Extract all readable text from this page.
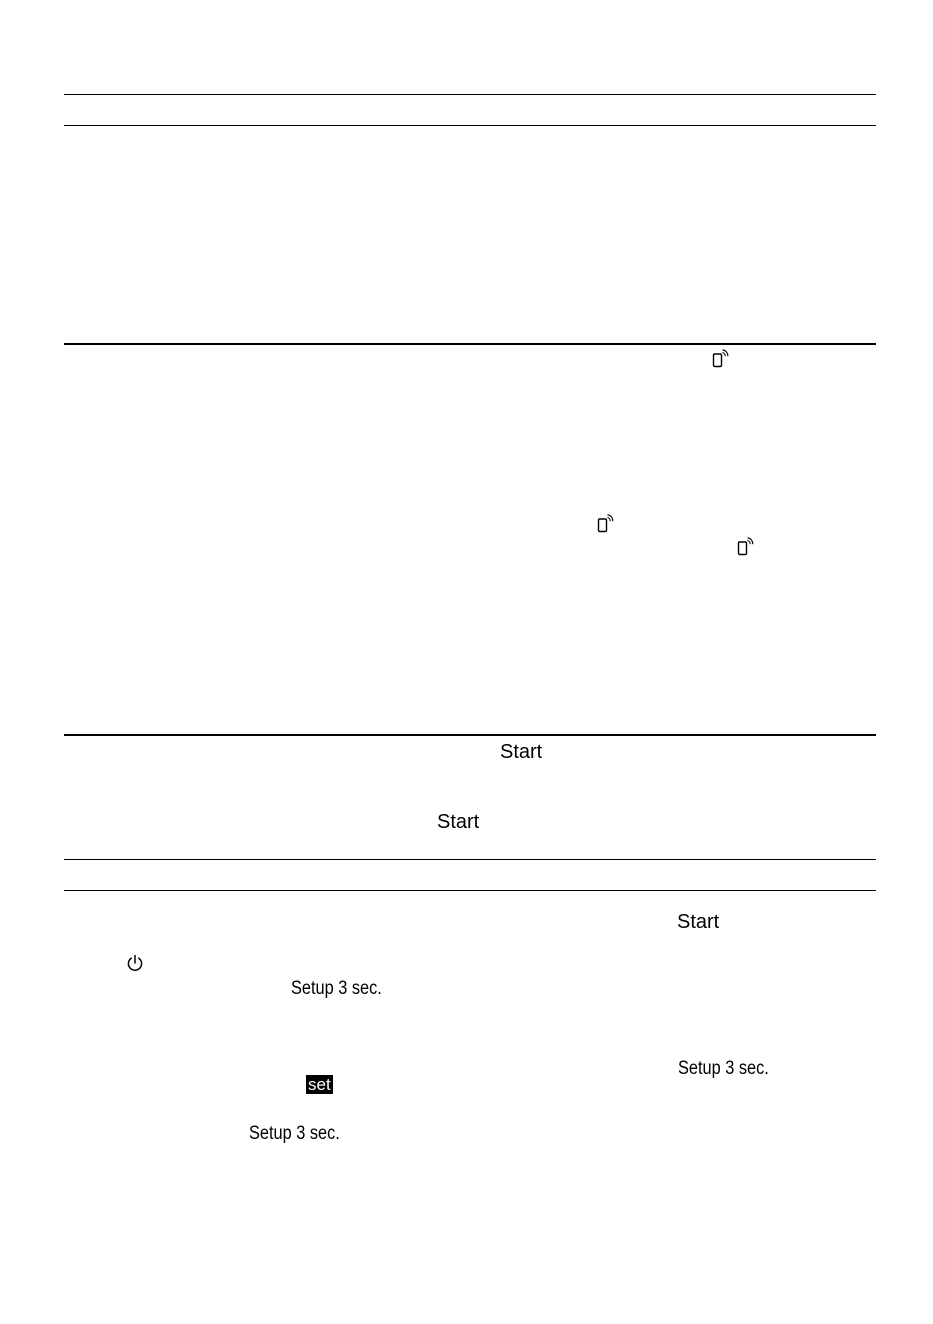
Start
Start
Start
Setup 3 sec.
Setup 3 sec.
Setup 3 sec.
set
